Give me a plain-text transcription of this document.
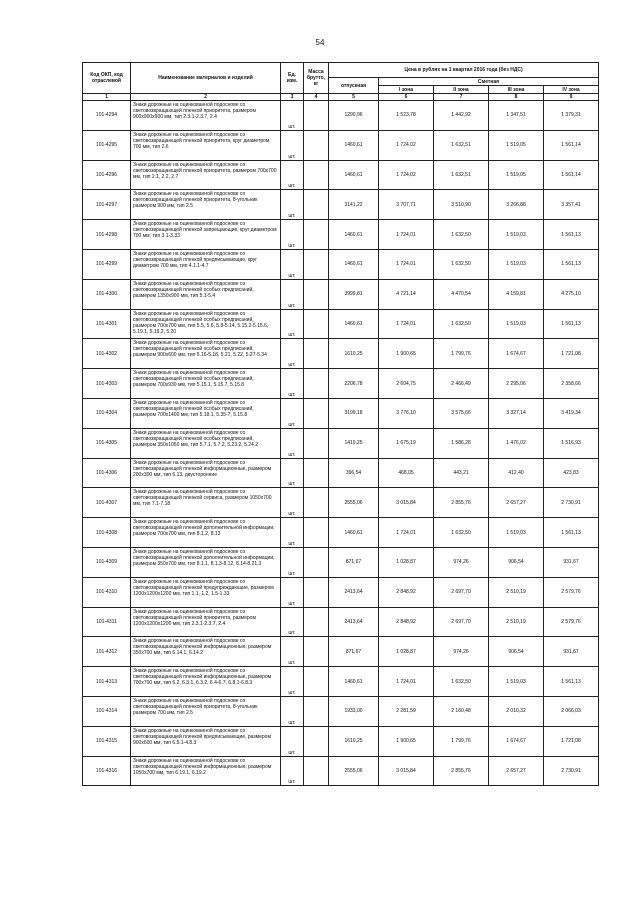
54
Код ОКП, код отраслевой	Наименование материалов и изделий	Ед. изм.	Масса брутто, кг	Цена в рублях на 1 квартал 2016 года (без НДС)				
				отпускная	Сметная			
					I зона	II зона	III зона	IV зона
1	2	3	4	5	6	7	8	9
101-4294	Знаки дорожные на оцинкованной подоснове со световозвращающей пленкой приоритета, размером 900х900х900 мм, тип 2.3.1-2.3.7, 2.4	шт.		1290,96	1 523,78	1 442,92	1 347,51	1 379,31
101-4295	Знаки дорожные на оцинкованной подоснове со световозвращающей пленкой приоритета, круг диаметром 700 мм, тип 2.6	шт.		1460,61	1 724,02	1 632,51	1 519,05	1 561,14
101-4296	Знаки дорожные на оцинкованной подоснове со световозвращающей пленкой приоритета, размером 700х700 мм, тип 2.1, 2.2, 2.7	шт.		1460,61	1 724,02	1 632,51	1 519,05	1 561,14
101-4297	Знаки дорожные на оцинкованной подоснове со световозвращающей пленкой приоритета, 8-угольник размером 900 мм, тип 2.5	шт.		3141,22	3 707,71	3 510,90	3 266,88	3 357,41
101-4298	Знаки дорожные на оцинкованной подоснове со световозвращающей пленкой запрещающие, круг диаметром 700 мм, тип 3.1-3.33	шт.		1460,61	1 724,01	1 632,50	1 519,03	1 561,13
101-4299	Знаки дорожные на оцинкованной подоснове со световозвращающей пленкой предписывающие, круг диаметром 700 мм, тип 4.1.1-4.7	шт.		1460,61	1 724,01	1 632,50	1 519,03	1 561,13
101-4300	Знаки дорожные на оцинкованной подоснове со световозвращающей пленкой особых предписаний, размером 1350х900 мм, тип 5.1-5.4	шт.		3999,81	4 721,14	4 470,54	4 159,81	4 275,10
101-4301	Знаки дорожные на оцинкованной подоснове со световозвращающей пленкой особых предписаний, размером 700х700 мм, тип 5.5, 5.6, 5.8-5.14, 5.15.2-5.15.6, 5.19.1, 5.19.2, 5.20	шт.		1460,61	1 724,01	1 632,50	1 519,03	1 561,13
101-4302	Знаки дорожные на оцинкованной подоснове со световозвращающей пленкой особых предписаний, размером 900х600 мм, тип 5.16-5.18, 5.21, 5.22, 5.27-5.34	шт.		1610,25	1 900,65	1 799,76	1 674,67	1 721,08
101-4303	Знаки дорожные на оцинкованной подоснове со световозвращающей пленкой особых предписаний, размером 700х930 мм, тип 5.15.1, 5.15.7, 5.15.8	шт.		2206,78	2 604,75	2 466,49	2 295,06	2 358,66
101-4304	Знаки дорожные на оцинкованной подоснове со световозвращающей пленкой особых предписаний, размером 700х1400 мм, тип 5.18.1, 5.35-7, 5.15.8	шт.		3199,18	3 776,10	3 575,66	3 327,14	3 419,34
101-4305	Знаки дорожные на оцинкованной подоснове со световозвращающей пленкой особых предписаний, размером 350х1050 мм, тип 5.7.1, 5.7.2, 5.23.2, 5.24.2	шт.		1419,25	1 675,19	1 586,28	1 476,02	1 516,93
101-4306	Знаки дорожные на оцинкованной подоснове со световозвращающей пленкой информационные, размером 200х300 мм, тип 6.13, двусторонние	шт.		396,54	468,05	443,21	412,40	423,83
101-4307	Знаки дорожные на оцинкованной подоснове со световозвращающей пленкой сервиса, размером 1050х700 мм, тип 7.1-7.18	шт.		2555,06	3 015,84	2 855,76	2 657,27	2 730,91
101-4308	Знаки дорожные на оцинкованной подоснове со световозвращающей пленкой дополнительной информации, размером 700х700 мм, тип 8.1.2, 8.13	шт.		1460,61	1 724,01	1 632,50	1 519,03	1 561,13
101-4309	Знаки дорожные на оцинкованной подоснове со световозвращающей пленкой дополнительной информации, размером 350х700 мм, тип 8.1.1, 8.1.3-8.12, 8.14-8.21.3	шт.		871,67	1 028,87	974,26	906,54	931,67
101-4310	Знаки дорожные на оцинкованной подоснове со световозвращающей пленкой предупреждающие, размером 1200х1200х1200 мм, тип 1.1, 1.2, 1.5-1.33	шт.		2413,64	2 848,92	2 697,70	2 510,19	2 579,76
101-4311	Знаки дорожные на оцинкованной подоснове со световозвращающей пленкой приоритета, размером 1200х1200х1200 мм, тип 2.3.1-2.3.7, 2.4	шт.		2413,64	2 848,92	2 697,70	2 510,19	2 579,76
101-4312	Знаки дорожные на оцинкованной подоснове со световозвращающей пленкой информационные, размером 350х700 мм, тип 6.14.1, 6.14.2	шт.		871,67	1 028,87	974,26	906,54	931,67
101-4313	Знаки дорожные на оцинкованной подоснове со световозвращающей пленкой информационные, размером 700х700 мм, тип 6.2, 6.3.1, 6.3.2, 6.4-6.7, 6.8.1-6.8.3	шт.		1460,61	1 724,01	1 632,50	1 519,03	1 561,13
101-4314	Знаки дорожные на оцинкованной подоснове со световозвращающей пленкой приоритета, 8-угольник размером 700 мм, тип 2.5	шт.		1933,00	2 281,59	2 160,48	2 010,32	2 066,03
101-4315	Знаки дорожные на оцинкованной подоснове со световозвращающей пленкой предписывающие, размером 900х600 мм, тип 6.5.1-4.8.3	шт.		1610,25	1 900,65	1 799,76	1 674,67	1 721,08
101-4316	Знаки дорожные на оцинкованной подоснове со световозвращающей пленкой информационные, размером 1050х700 мм, тип 6.19.1, 6.19.2	шт.		2555,06	3 015,84	2 855,76	2 657,27	2 730,91
